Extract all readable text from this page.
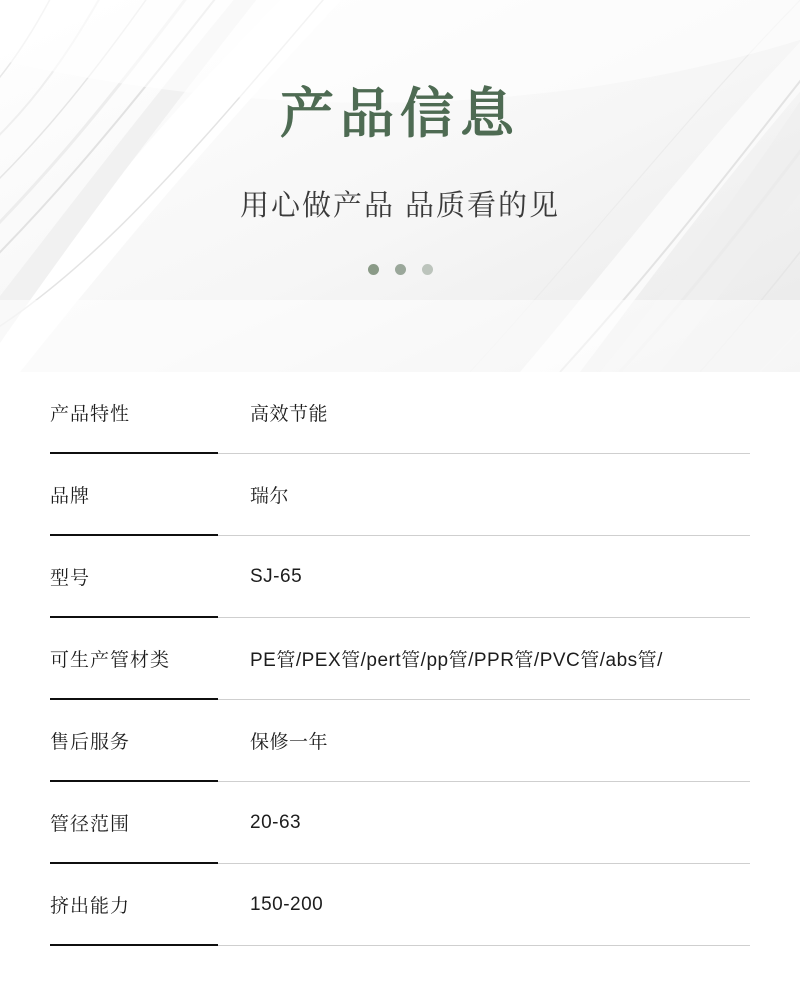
产品信息

用心做产品 品质看的见

产品特性	高效节能
品牌	瑞尔
型号	SJ-65
可生产管材类	PE管/PEX管/pert管/pp管/PPR管/PVC管/abs管/
售后服务	保修一年
管径范围	20-63
挤出能力	150-200
